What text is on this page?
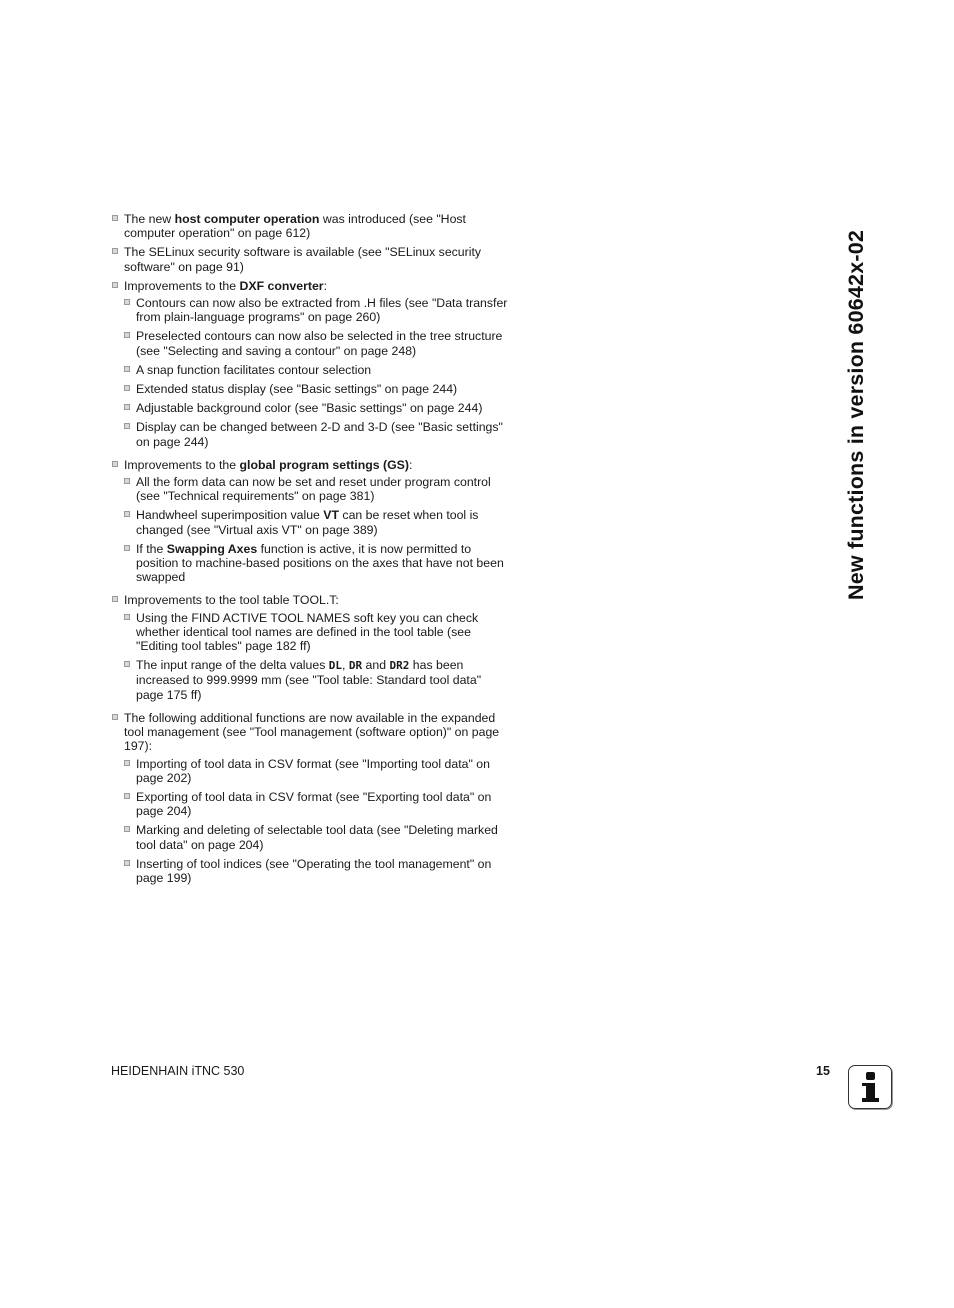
The new host computer operation was introduced (see "Host computer operation" on page 612)
The SELinux security software is available (see "SELinux security software" on page 91)
Improvements to the DXF converter:
Contours can now also be extracted from .H files (see "Data transfer from plain-language programs" on page 260)
Preselected contours can now also be selected in the tree structure (see "Selecting and saving a contour" on page 248)
A snap function facilitates contour selection
Extended status display (see "Basic settings" on page 244)
Adjustable background color (see "Basic settings" on page 244)
Display can be changed between 2-D and 3-D (see "Basic settings" on page 244)
Improvements to the global program settings (GS):
All the form data can now be set and reset under program control (see "Technical requirements" on page 381)
Handwheel superimposition value VT can be reset when tool is changed (see "Virtual axis VT" on page 389)
If the Swapping Axes function is active, it is now permitted to position to machine-based positions on the axes that have not been swapped
Improvements to the tool table TOOL.T:
Using the FIND ACTIVE TOOL NAMES soft key you can check whether identical tool names are defined in the tool table (see "Editing tool tables" page 182 ff)
The input range of the delta values DL, DR and DR2 has been increased to 999.9999 mm (see "Tool table: Standard tool data" page 175 ff)
The following additional functions are now available in the expanded tool management (see "Tool management (software option)" on page 197):
Importing of tool data in CSV format (see "Importing tool data" on page 202)
Exporting of tool data in CSV format (see "Exporting tool data" on page 204)
Marking and deleting of selectable tool data (see "Deleting marked tool data" on page 204)
Inserting of tool indices (see "Operating the tool management" on page 199)
New functions in version 60642x-02
HEIDENHAIN iTNC 530	15
